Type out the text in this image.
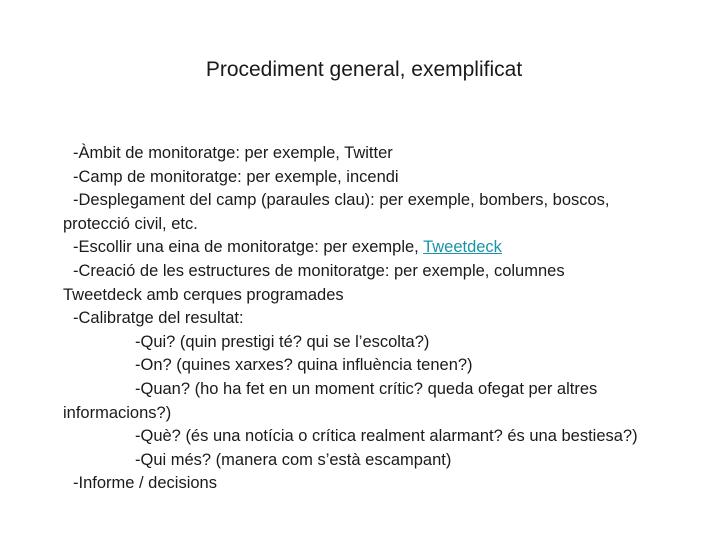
Procediment general, exemplificat

-Àmbit de monitoratge: per exemple, Twitter

-Camp de monitoratge: per exemple, incendi

-Desplegament del camp (paraules clau): per exemple, bombers, boscos,

protecció civil, etc.

-Escollir una eina de monitoratge: per exemple, Tweetdeck

-Creació de les estructures de monitoratge: per exemple, columnes

Tweetdeck amb cerques programades

-Calibratge del resultat:

-Qui? (quin prestigi té? qui se l’escolta?)

-On? (quines xarxes? quina influència tenen?)

-Quan? (ho ha fet en un moment crític? queda ofegat per altres

informacions?)

-Què? (és una notícia o crítica realment alarmant? és una bestiesa?)

-Qui més? (manera com s’està escampant)

-Informe / decisions
